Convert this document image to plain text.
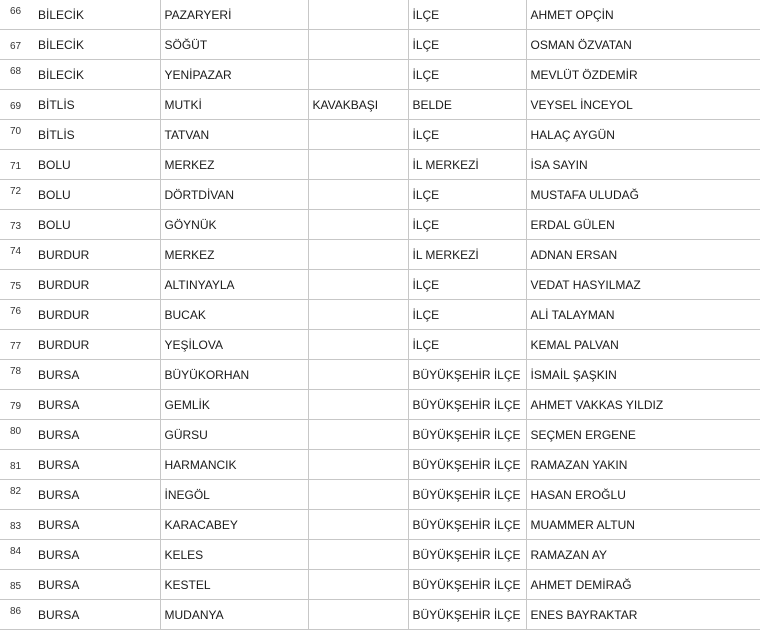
66	BİLECİK	PAZARYERİ		İLÇE	AHMET OPÇİN
67	BİLECİK	SÖĞÜT		İLÇE	OSMAN ÖZVATAN
68	BİLECİK	YENİPAZAR		İLÇE	MEVLÜT ÖZDEMİR
69	BİTLİS	MUTKİ	KAVAKBAŞI	BELDE	VEYSEL İNCEYOL
70	BİTLİS	TATVAN		İLÇE	HALAÇ AYGÜN
71	BOLU	MERKEZ		İL MERKEZİ	İSA SAYIN
72	BOLU	DÖRTDİVAN		İLÇE	MUSTAFA ULUDAĞ
73	BOLU	GÖYNÜK		İLÇE	ERDAL GÜLEN
74	BURDUR	MERKEZ		İL MERKEZİ	ADNAN ERSAN
75	BURDUR	ALTINYAYLA		İLÇE	VEDAT HASYILMAZ
76	BURDUR	BUCAK		İLÇE	ALİ TALAYMAN
77	BURDUR	YEŞİLOVA		İLÇE	KEMAL PALVAN
78	BURSA	BÜYÜKORHAN		BÜYÜKŞEHİR İLÇE	İSMAİL ŞAŞKIN
79	BURSA	GEMLİK		BÜYÜKŞEHİR İLÇE	AHMET VAKKAS YILDIZ
80	BURSA	GÜRSU		BÜYÜKŞEHİR İLÇE	SEÇMEN ERGENE
81	BURSA	HARMANCIK		BÜYÜKŞEHİR İLÇE	RAMAZAN YAKIN
82	BURSA	İNEGÖL		BÜYÜKŞEHİR İLÇE	HASAN EROĞLU
83	BURSA	KARACABEY		BÜYÜKŞEHİR İLÇE	MUAMMER ALTUN
84	BURSA	KELES		BÜYÜKŞEHİR İLÇE	RAMAZAN AY
85	BURSA	KESTEL		BÜYÜKŞEHİR İLÇE	AHMET DEMİRAĞ
86	BURSA	MUDANYA		BÜYÜKŞEHİR İLÇE	ENES BAYRAKTAR
